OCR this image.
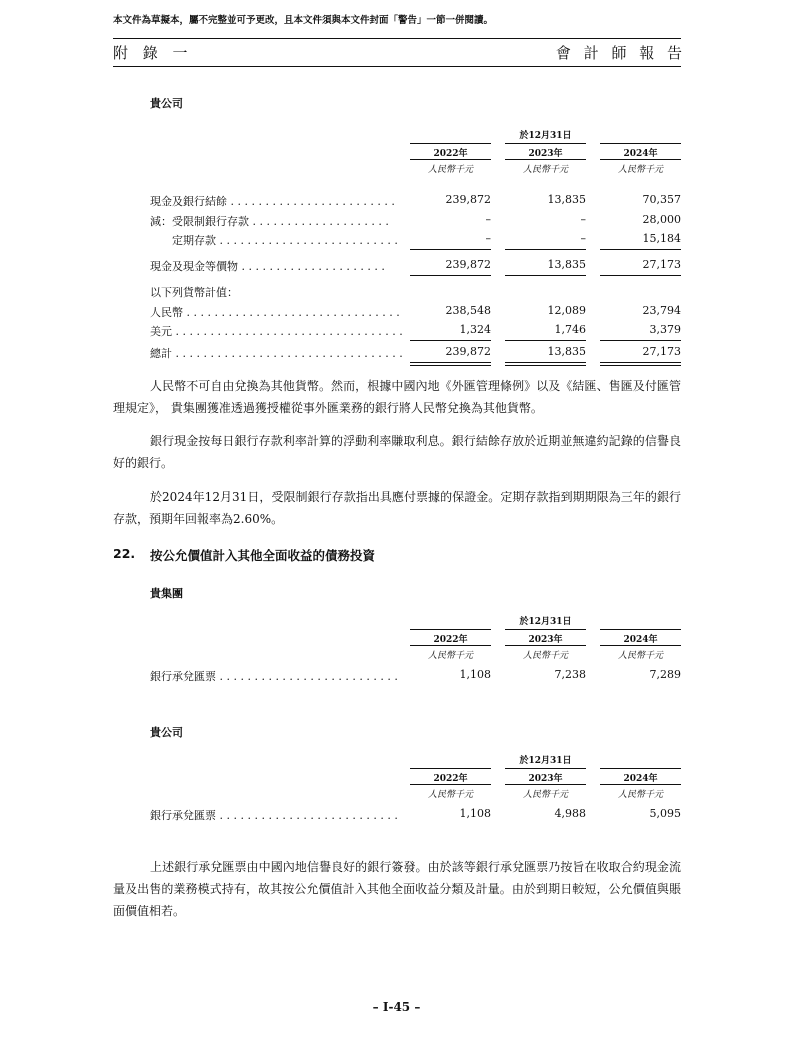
本文件為草擬本，屬不完整並可予更改，且本文件須與本文件封面「警告」一節一併閱讀。
附 錄 一	會 計 師 報 告
貴公司
於12月31日
2022年
人民幣千元
2023年
人民幣千元
2024年
人民幣千元
現金及銀行結餘 . . . . . . . . . . . . . . . . . . . . . . . .	239,872	13,835	70,357
減：受限制銀行存款 . . . . . . . . . . . . . . . . . . . .	–	–	28,000
　　定期存款 . . . . . . . . . . . . . . . . . . . . . . . . . .	–	–	15,184
現金及現金等價物 . . . . . . . . . . . . . . . . . . . . .	239,872	13,835	27,173
以下列貨幣計值：
人民幣 . . . . . . . . . . . . . . . . . . . . . . . . . . . . . . .	238,548	12,089	23,794
美元 . . . . . . . . . . . . . . . . . . . . . . . . . . . . . . . . .	1,324	1,746	3,379
總計 . . . . . . . . . . . . . . . . . . . . . . . . . . . . . . . . .	239,872	13,835	27,173
人民幣不可自由兌換為其他貨幣。然而，根據中國內地《外匯管理條例》以及《結匯、售匯及付匯管理規定》， 貴集團獲准透過獲授權從事外匯業務的銀行將人民幣兌換為其他貨幣。
銀行現金按每日銀行存款利率計算的浮動利率賺取利息。銀行結餘存放於近期並無違約記錄的信譽良好的銀行。
於2024年12月31日，受限制銀行存款指出具應付票據的保證金。定期存款指到期期限為三年的銀行存款，預期年回報率為2.60%。
22. 按公允價值計入其他全面收益的債務投資
貴集團
於12月31日
2022年
人民幣千元
2023年
人民幣千元
2024年
人民幣千元
銀行承兌匯票 . . . . . . . . . . . . . . . . . . . . . . . . . .	1,108	7,238	7,289
貴公司
於12月31日
2022年
人民幣千元
2023年
人民幣千元
2024年
人民幣千元
銀行承兌匯票 . . . . . . . . . . . . . . . . . . . . . . . . . .	1,108	4,988	5,095
上述銀行承兌匯票由中國內地信譽良好的銀行簽發。由於該等銀行承兌匯票乃按旨在收取合約現金流量及出售的業務模式持有，故其按公允價值計入其他全面收益分類及計量。由於到期日較短，公允價值與賬面價值相若。
– I-45 –
